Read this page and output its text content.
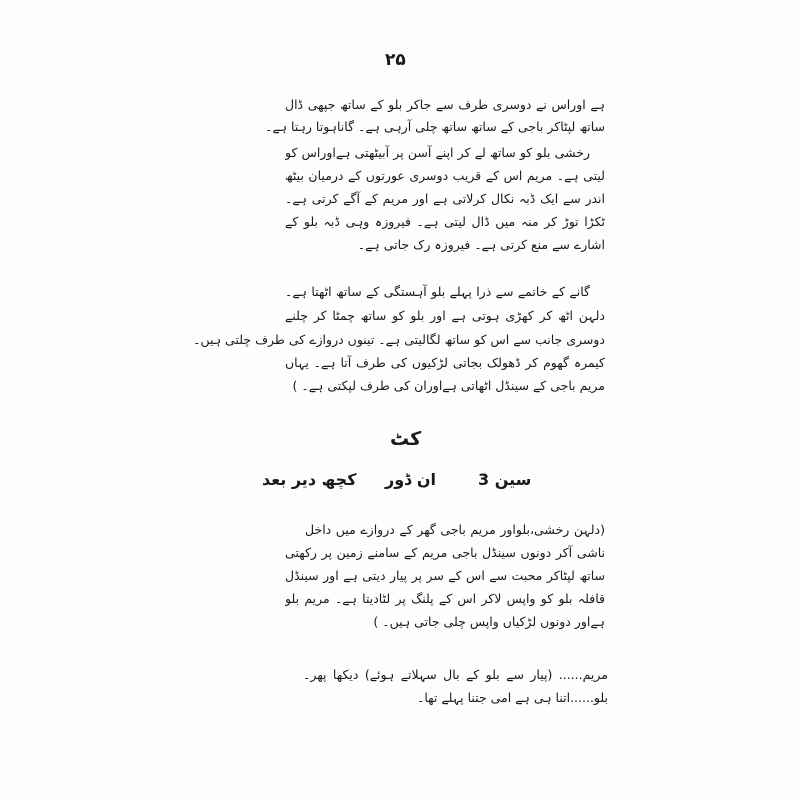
۲۵
ہے اوراس نے دوسری طرف سے جاکر بلو کے ساتھ جپھی ڈال
ساتھ لپٹاکر باجی کے ساتھ ساتھ چلی آرہی ہے۔ گاناہوتا رہتا ہے۔
رخشی بلو کو ساتھ لے کر اپنے آسن پر آبیٹھتی ہےاوراس کو
لیتی ہے۔ مریم اس کے قریب دوسری عورتوں کے درمیان بیٹھ
اندر سے ایک ڈبہ نکال کرلاتی ہے اور مریم کے آگے کرتی ہے۔
ٹکڑا توڑ کر منہ میں ڈال لیتی ہے۔ فیروزہ وہی ڈبہ بلو کے
اشارے سے منع کرتی ہے۔ فیروزہ رک جاتی ہے۔
گانے کے خاتمے سے ذرا پہلے بلو آہستگی کے ساتھ اٹھتا ہے۔
دلہن اٹھ کر کھڑی ہوتی ہے اور بلو کو ساتھ چمٹا کر چلنے
دوسری جانب سے اس کو ساتھ لگالیتی ہے۔ تینوں دروازے کی طرف چلتی ہیں۔
کیمرہ گھوم کر ڈھولک بجاتی لڑکیوں کی طرف آتا ہے۔ یہاں
مریم باجی کے سینڈل اٹھاتی ہےاوران کی طرف لپکتی ہے۔ )
کٹ
سین 3
ان ڈور
کچھ دیر بعد
(دلہن رخشی،بلواور مریم باجی گھر کے دروازے میں داخل
ناشی آکر دونوں سینڈل باجی مریم کے سامنے زمین پر رکھتی
ساتھ لپٹاکر محبت سے اس کے سر پر پیار دیتی ہے اور سینڈل
قافلہ بلو کو واپس لاکر اس کے پلنگ پر لٹادیتا ہے۔ مریم بلو
ہےاور دونوں لڑکیاں واپس چلی جاتی ہیں۔ )
مریم...... (پیار سے بلو کے بال سہلاتے ہوئے) دیکھا پھر۔
بلو......اتنا ہی ہے امی جتنا پہلے تھا۔
